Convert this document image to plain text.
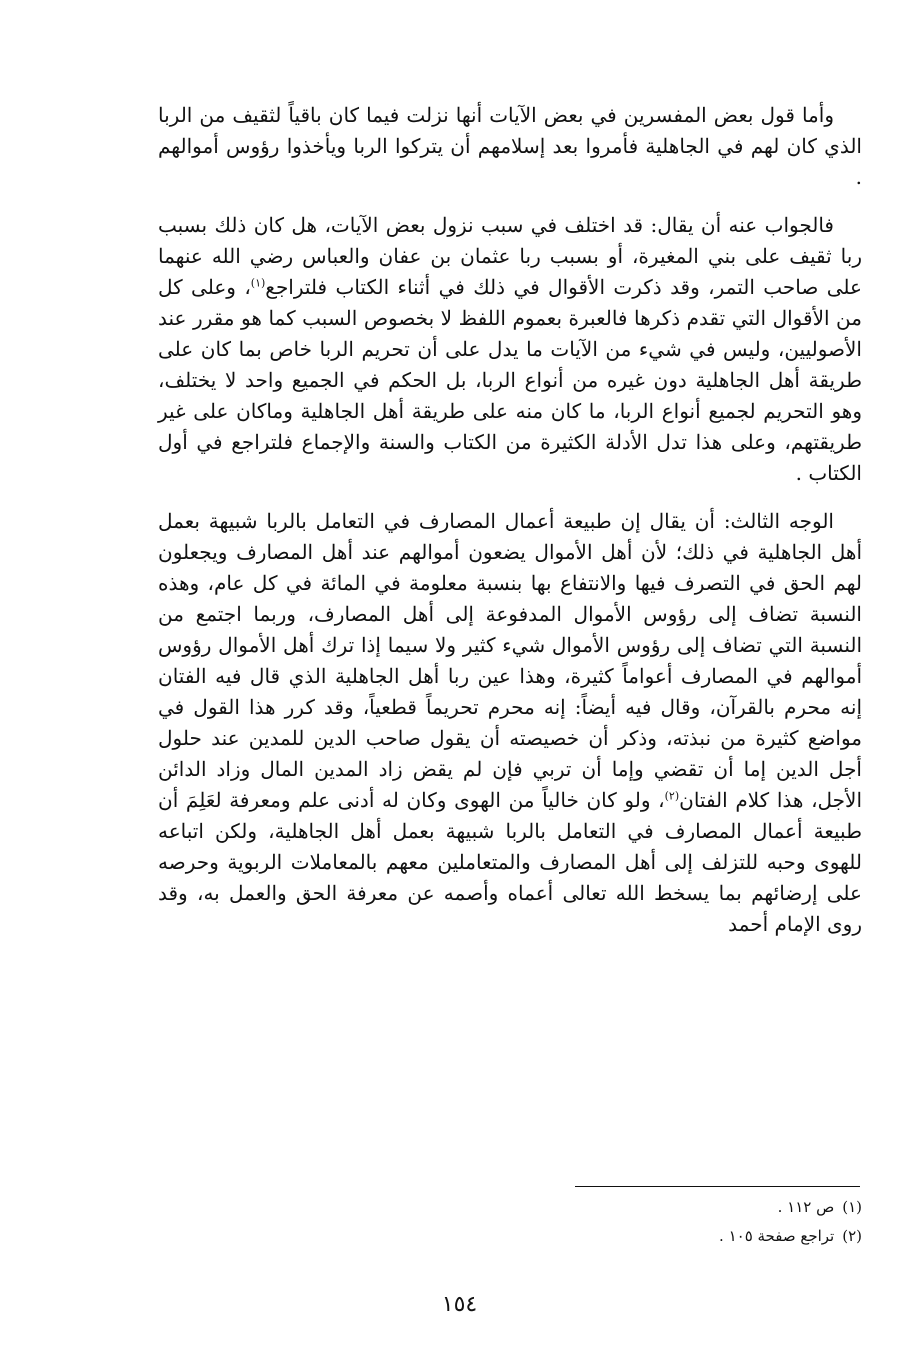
وأما قول بعض المفسرين في بعض الآيات أنها نزلت فيما كان باقياً لثقيف من الربا الذي كان لهم في الجاهلية فأمروا بعد إسلامهم أن يتركوا الربا ويأخذوا رؤوس أموالهم .

فالجواب عنه أن يقال: قد اختلف في سبب نزول بعض الآيات، هل كان ذلك بسبب ربا ثقيف على بني المغيرة، أو بسبب ربا عثمان بن عفان والعباس رضي الله عنهما على صاحب التمر، وقد ذكرت الأقوال في ذلك في أثناء الكتاب فلتراجع$^{(١)}$، وعلى كل من الأقوال التي تقدم ذكرها فالعبرة بعموم اللفظ لا بخصوص السبب كما هو مقرر عند الأصوليين، وليس في شيء من الآيات ما يدل على أن تحريم الربا خاص بما كان على طريقة أهل الجاهلية دون غيره من أنواع الربا، بل الحكم في الجميع واحد لا يختلف، وهو التحريم لجميع أنواع الربا، ما كان منه على طريقة أهل الجاهلية وماكان على غير طريقتهم، وعلى هذا تدل الأدلة الكثيرة من الكتاب والسنة والإجماع فلتراجع في أول الكتاب .

الوجه الثالث: أن يقال إن طبيعة أعمال المصارف في التعامل بالربا شبيهة بعمل أهل الجاهلية في ذلك؛ لأن أهل الأموال يضعون أموالهم عند أهل المصارف ويجعلون لهم الحق في التصرف فيها والانتفاع بها بنسبة معلومة في المائة في كل عام، وهذه النسبة تضاف إلى رؤوس الأموال المدفوعة إلى أهل المصارف، وربما اجتمع من النسبة التي تضاف إلى رؤوس الأموال شيء كثير ولا سيما إذا ترك أهل الأموال رؤوس أموالهم في المصارف أعواماً كثيرة، وهذا عين ربا أهل الجاهلية الذي قال فيه الفتان إنه محرم بالقرآن، وقال فيه أيضاً: إنه محرم تحريماً قطعياً، وقد كرر هذا القول في مواضع كثيرة من نبذته، وذكر أن خصيصته أن يقول صاحب الدين للمدين عند حلول أجل الدين إما أن تقضي وإما أن تربي فإن لم يقض زاد المدين المال وزاد الدائن الأجل، هذا كلام الفتان$^{(٢)}$، ولو كان خالياً من الهوى وكان له أدنى علم ومعرفة لعَلِمَ أن طبيعة أعمال المصارف في التعامل بالربا شبيهة بعمل أهل الجاهلية، ولكن اتباعه للهوى وحبه للتزلف إلى أهل المصارف والمتعاملين معهم بالمعاملات الربوية وحرصه على إرضائهم بما يسخط الله تعالى أعماه وأصمه عن معرفة الحق والعمل به، وقد روى الإمام أحمد

(١)ص ١١٢ .
(٢)تراجع صفحة ١٠٥ .
١٥٤
